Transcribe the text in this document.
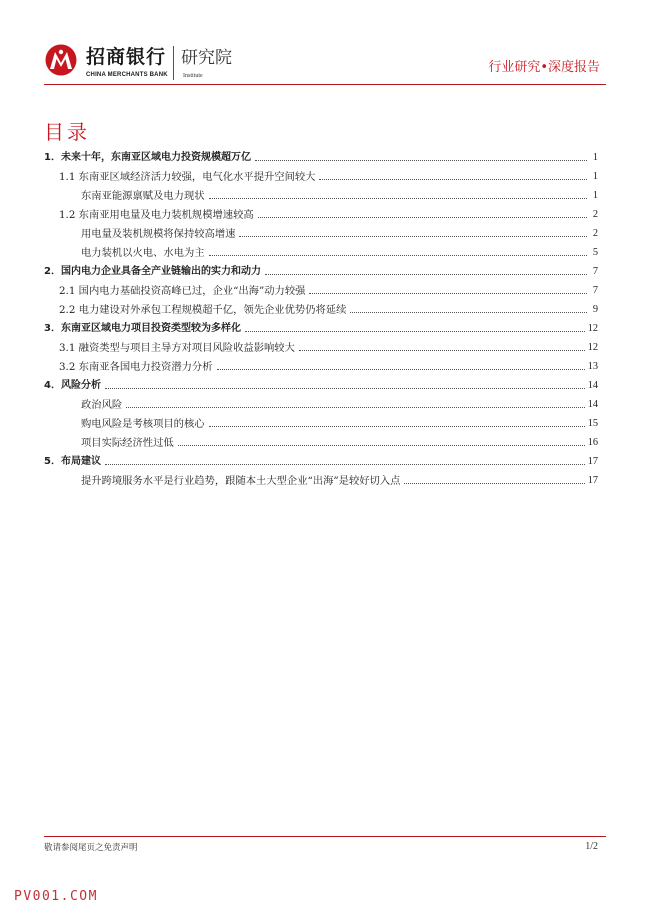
招商银行
CHINA MERCHANTS BANK
研究院
Institute
行业研究•深度报告
目录
1．未来十年，东南亚区域电力投资规模超万亿	1
1.1 东南亚区域经济活力较强，电气化水平提升空间较大	1
东南亚能源禀赋及电力现状	1
1.2 东南亚用电量及电力装机规模增速较高	2
用电量及装机规模将保持较高增速	2
电力装机以火电、水电为主	5
2．国内电力企业具备全产业链输出的实力和动力	7
2.1 国内电力基础投资高峰已过，企业“出海”动力较强	7
2.2 电力建设对外承包工程规模超千亿，领先企业优势仍将延续	9
3．东南亚区域电力项目投资类型较为多样化	12
3.1 融资类型与项目主导方对项目风险收益影响较大	12
3.2 东南亚各国电力投资潜力分析	13
4．风险分析	14
政治风险	14
购电风险是考核项目的核心	15
项目实际经济性过低	16
5．布局建议	17
提升跨境服务水平是行业趋势，跟随本土大型企业“出海”是较好切入点	17
敬请参阅尾页之免责声明	1/2
PV001.COM
